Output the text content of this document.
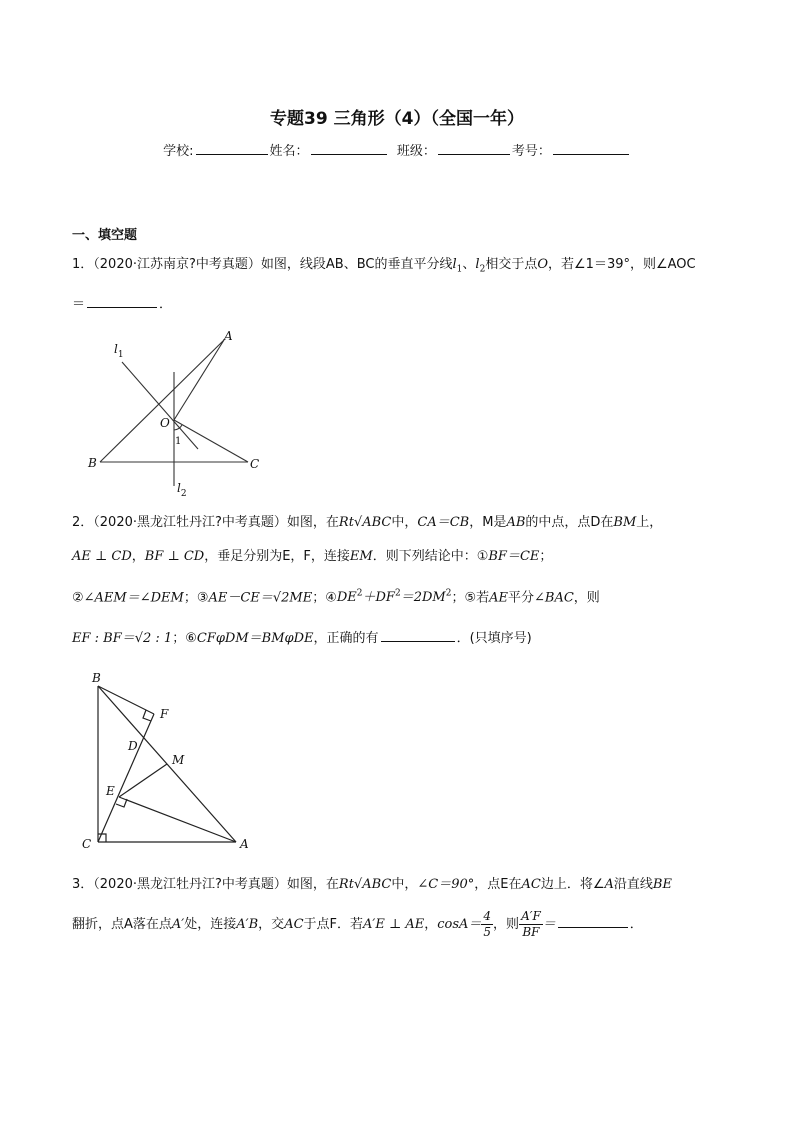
专题39 三角形（4）（全国一年）
学校:	姓名：	班级：	考号：
一、填空题
1．（2020·江苏南京?中考真题）如图，线段AB、BC的垂直平分线$l_1$、$l_2$相交于点O，若∠1＝39°，则∠AOC
＝	．
A
B	C
O
1
$l_1$
$l_2$
2．（2020·黑龙江牡丹江?中考真题）如图，在Rt√ABC中，CA＝CB，M是AB的中点，点D在BM上，
AE ⊥ CD，BF ⊥ CD，垂足分别为E，F，连接EM．则下列结论中：①BF＝CE；
②∠AEM＝∠DEM；③AE－CE＝√2ME；$④DE^2+DF^2=2DM^2$；⑤若AE平分∠BAC，则
EF : BF＝√2 : 1；⑥CFφDM＝BMφDE，正确的有	．(只填序号)
B
C	A
F
D
M
E
3．（2020·黑龙江牡丹江?中考真题）如图，在Rt√ABC中，∠C＝90°，点E在AC边上．将∠A沿直线BE
翻折，点A落在点A′处，连接A′B，交AC于点F．若A′E ⊥ AE，$\cos A= \frac{4}{5}$ ，则 $\frac{A'F}{BF}$ ＝	．
